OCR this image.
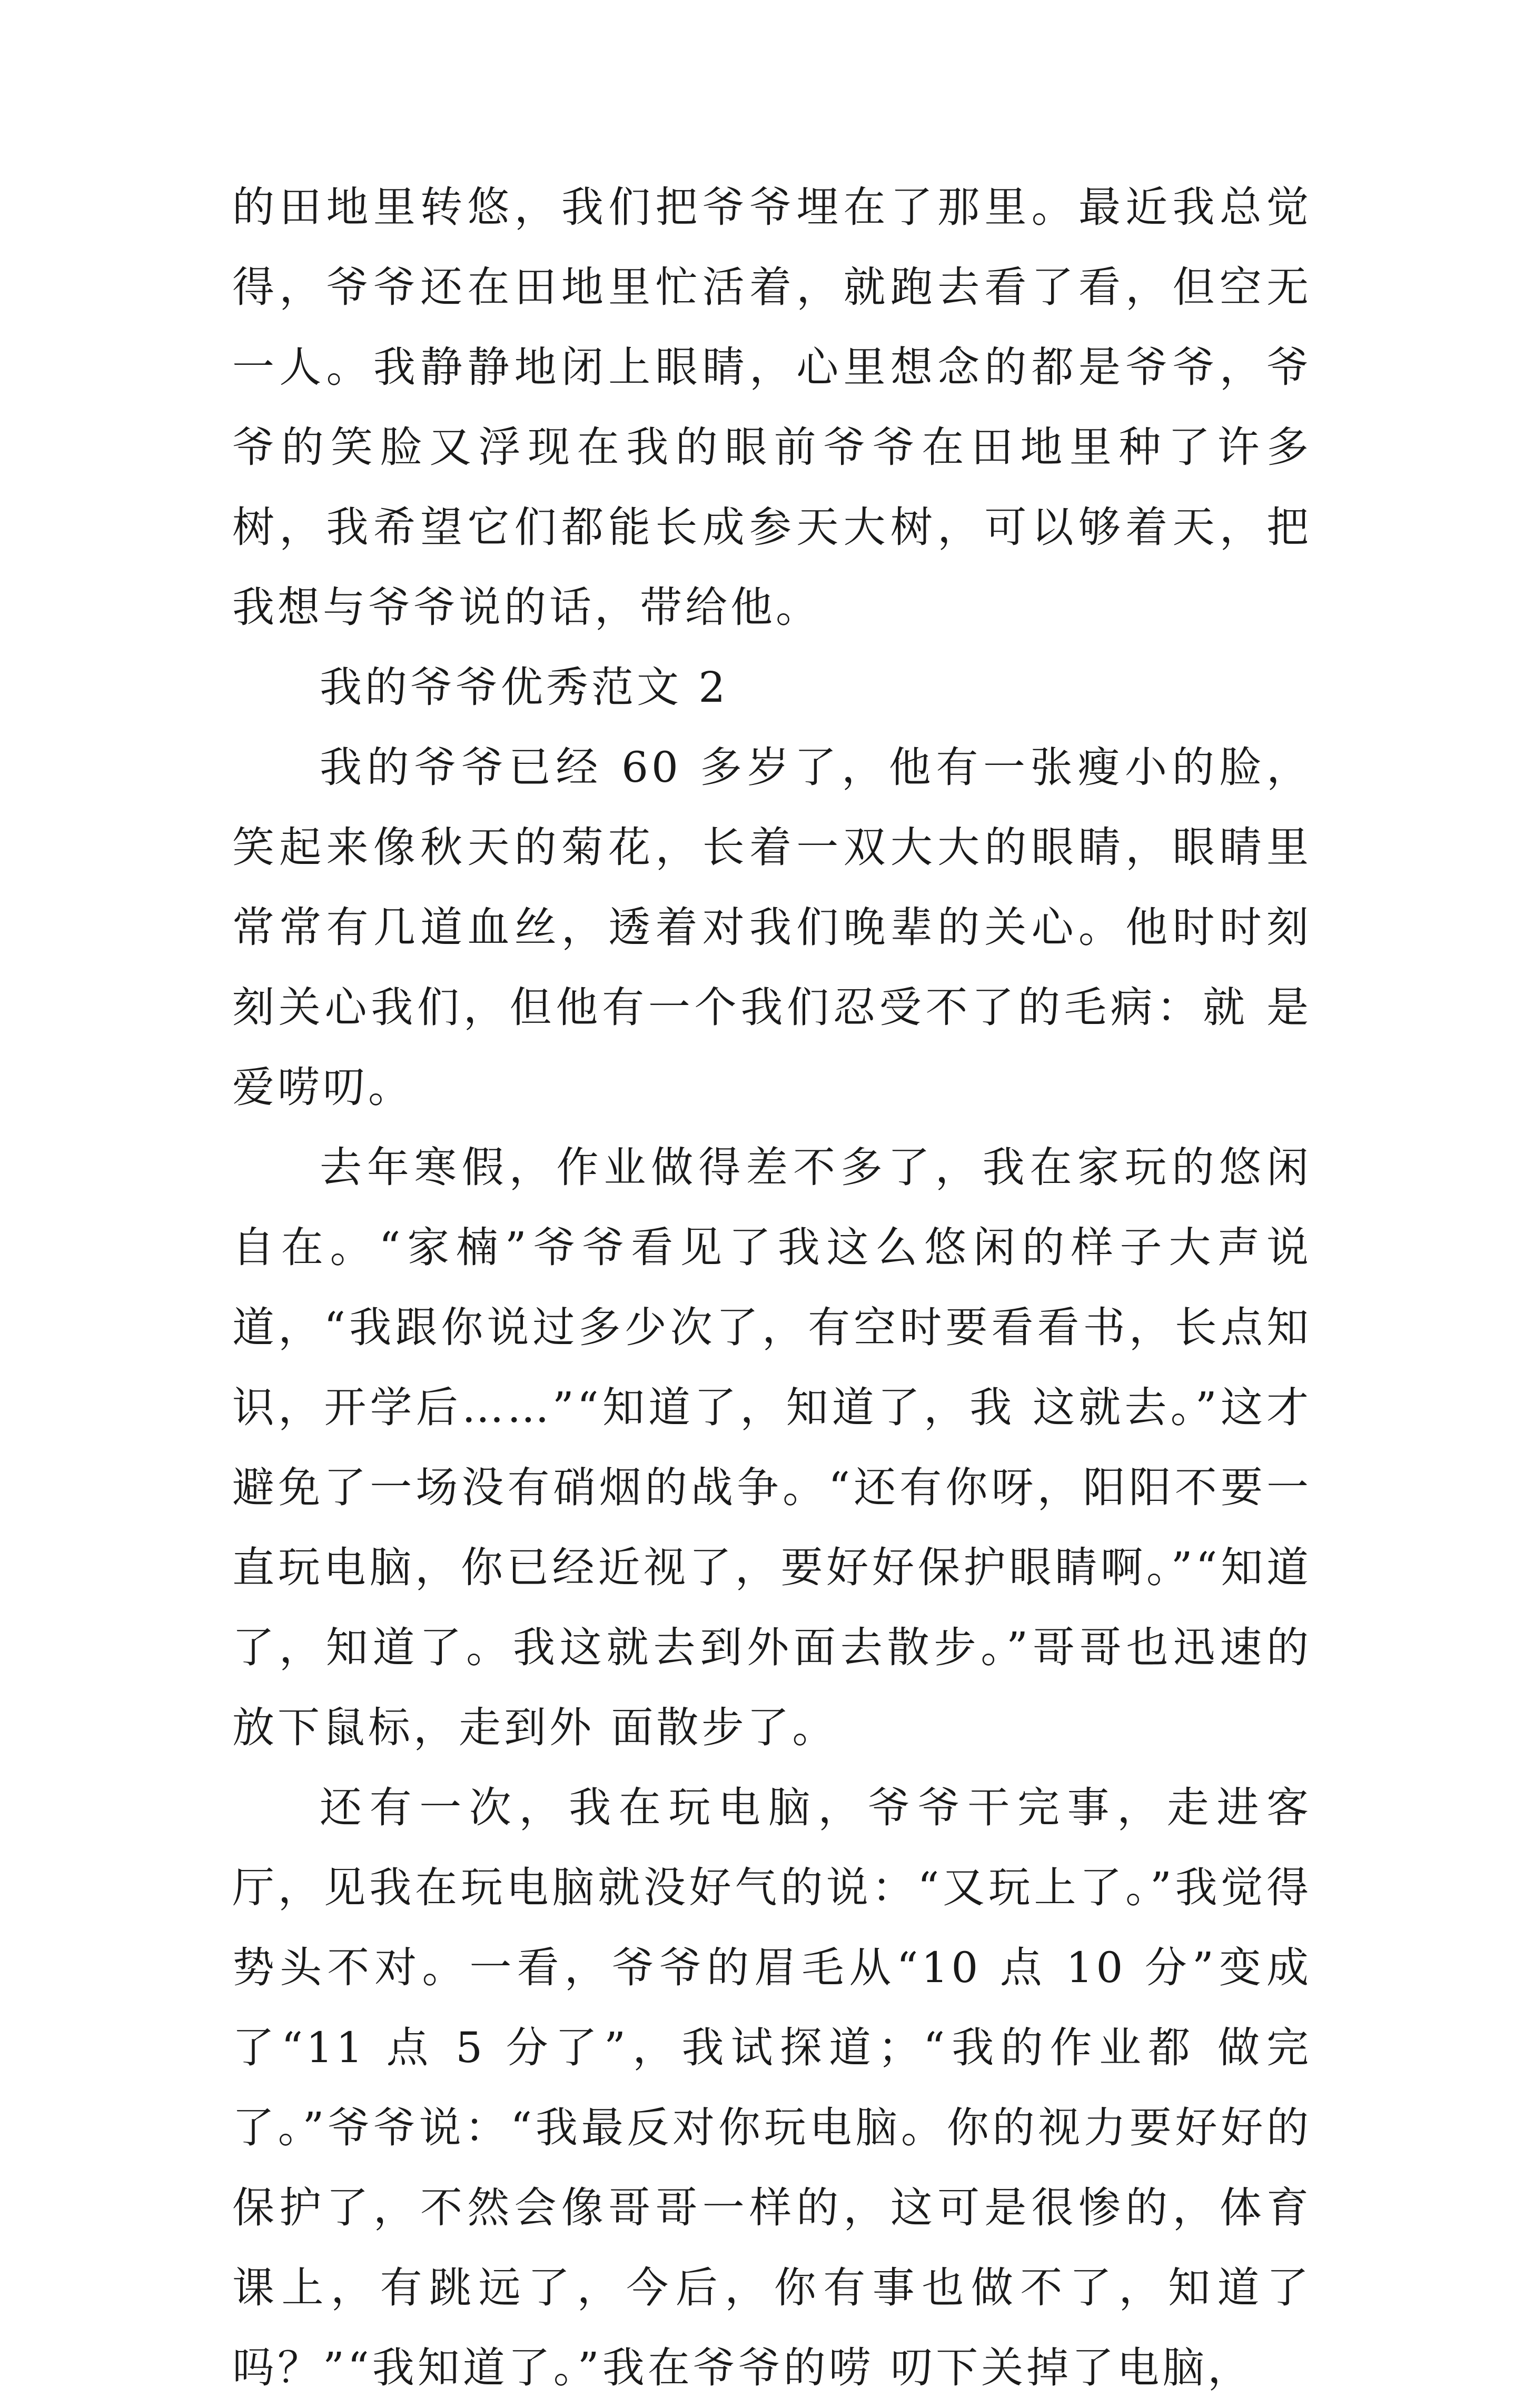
的田地里转悠，我们把爷爷埋在了那里。最近我总觉得，爷爷还在田地里忙活着，就跑去看了看，但空无一人。我静静地闭上眼睛，心里想念的都是爷爷，爷爷的笑脸又浮现在我的眼前爷爷在田地里种了许多树，我希望它们都能长成参天大树，可以够着天，把我想与爷爷说的话，带给他。

我的爷爷优秀范文 2

我的爷爷已经 60 多岁了，他有一张瘦小的脸，笑起来像秋天的菊花，长着一双大大的眼睛，眼睛里常常有几道血丝，透着对我们晚辈的关心。他时时刻刻关心我们，但他有一个我们忍受不了的毛病：就 是爱唠叨。

去年寒假，作业做得差不多了，我在家玩的悠闲自在。“家楠”爷爷看见了我这么悠闲的样子大声说道，“我跟你说过多少次了，有空时要看看书，长点知识，开学后……”“知道了，知道了，我 这就去。”这才避免了一场没有硝烟的战争。“还有你呀，阳阳不要一直玩电脑，你已经近视了，要好好保护眼睛啊。”“知道了，知道了。我这就去到外面去散步。”哥哥也迅速的放下鼠标，走到外 面散步了。

还有一次，我在玩电脑，爷爷干完事，走进客厅，见我在玩电脑就没好气的说：“又玩上了。”我觉得势头不对。一看，爷爷的眉毛从“10 点 10 分”变成了“11 点 5 分了”，我试探道；“我的作业都 做完了。”爷爷说：“我最反对你玩电脑。你的视力要好好的保护了，不然会像哥哥一样的，这可是很惨的，体育课上，有跳远了，今后，你有事也做不了，知道了吗？”“我知道了。”我在爷爷的唠 叨下关掉了电脑，
